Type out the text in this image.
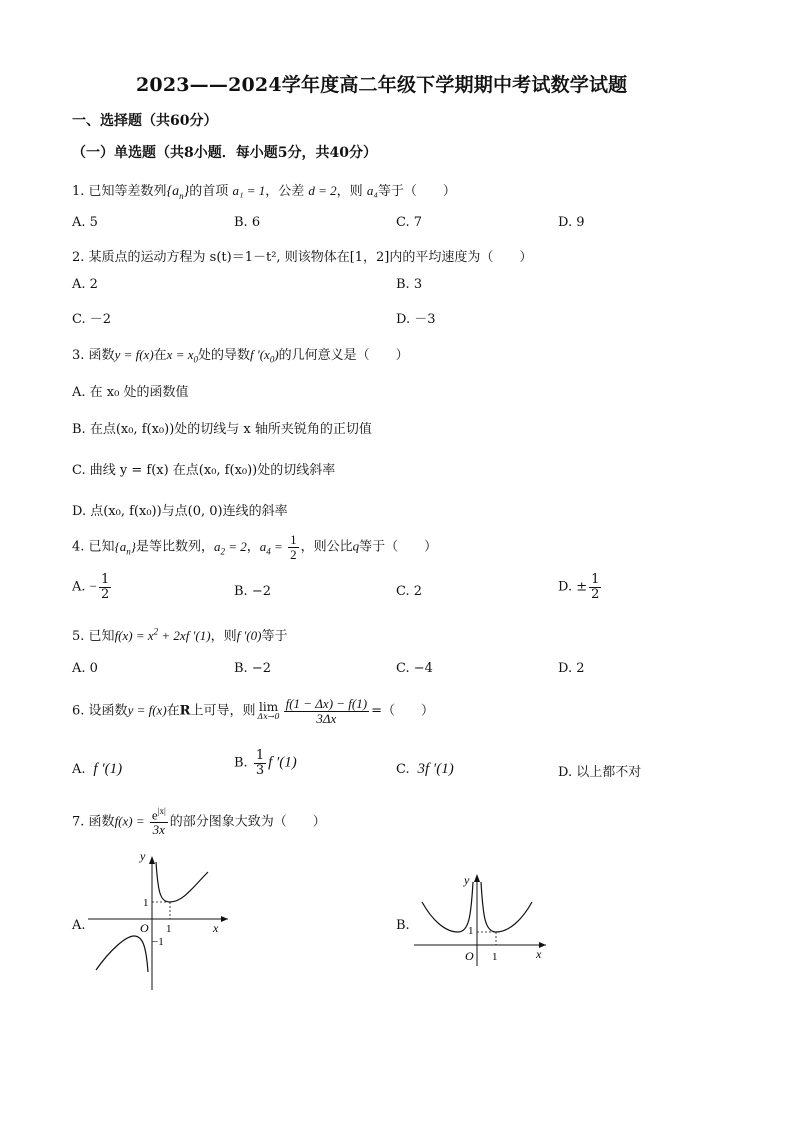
2023——2024学年度高二年级下学期期中考试数学试题
一、选择题（共60分）
（一）单选题（共8小题．每小题5分，共40分）
1. 已知等差数列$\{a_n\}$的首项 a₁ = 1，公差 d = 2，则 a₄等于（　　）
A. 5	B. 6	C. 7	D. 9
2. 某质点的运动方程为 s(t)＝1－t², 则该物体在[1，2]内的平均速度为（　　）
A. 2	B. 3
C. －2	D. －3
3. 函数y = f(x)在$x = x_0$处的导数f $'(x_0)$的几何意义是（　　）
A. 在 x₀ 处的函数值
B. 在点(x₀, f(x₀))处的切线与 x 轴所夹锐角的正切值
C. 曲线 y = f(x) 在点(x₀, f(x₀))处的切线斜率
D. 点(x₀, f(x₀))与点(0, 0)连线的斜率
4. 已知$\{a_n\}$是等比数列，$a_2 = 2$，$a_4 = \frac{1}{2}$ ，则公比q等于（　　）
A. − $\frac{1}{2}$	B. −2	C. 2	D. ± $\frac{1}{2}$
5. 已知$f(x) = x^2 + 2xf$ ′(1)，则f ′(0)等于
A. 0	B. −2	C. −4	D. 2
6. 设函数y = f(x)在R上可导，则 lim
$\Delta x\to 0 \frac{f(1 - \Delta x) - f(1)}{3\Delta x}$ =（　　）
A.  f ′(1)	B. $\frac{1}{3}$ f ′(1)	C.  3f ′(1)	D. 以上都不对
7. 函数$f(x) = \frac{e^{|x|}}{3x}$ 的部分图象大致为（　　）
A.
y
x
O
1
1
−1
B.
y
x
O
1
1
